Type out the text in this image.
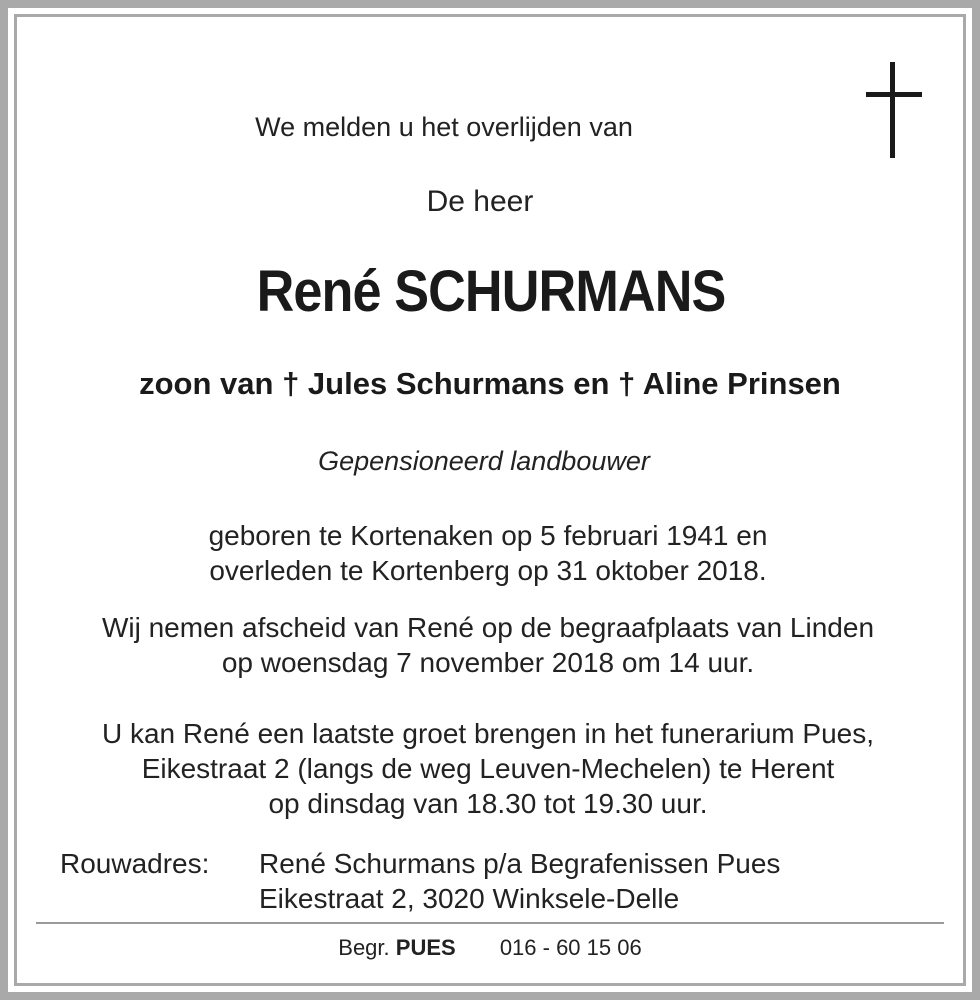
We melden u het overlijden van
De heer
René SCHURMANS
zoon van † Jules Schurmans en † Aline Prinsen
Gepensioneerd landbouwer
geboren te Kortenaken op 5 februari 1941 en
overleden te Kortenberg op 31 oktober 2018.
Wij nemen afscheid van René op de begraafplaats van Linden
op woensdag 7 november 2018 om 14 uur.
U kan René een laatste groet brengen in het funerarium Pues,
Eikestraat 2 (langs de weg Leuven-Mechelen) te Herent
op dinsdag van 18.30 tot 19.30 uur.
Rouwadres: René Schurmans p/a Begrafenissen Pues
Eikestraat 2, 3020 Winksele-Delle
Begr. PUES 016 - 60 15 06
